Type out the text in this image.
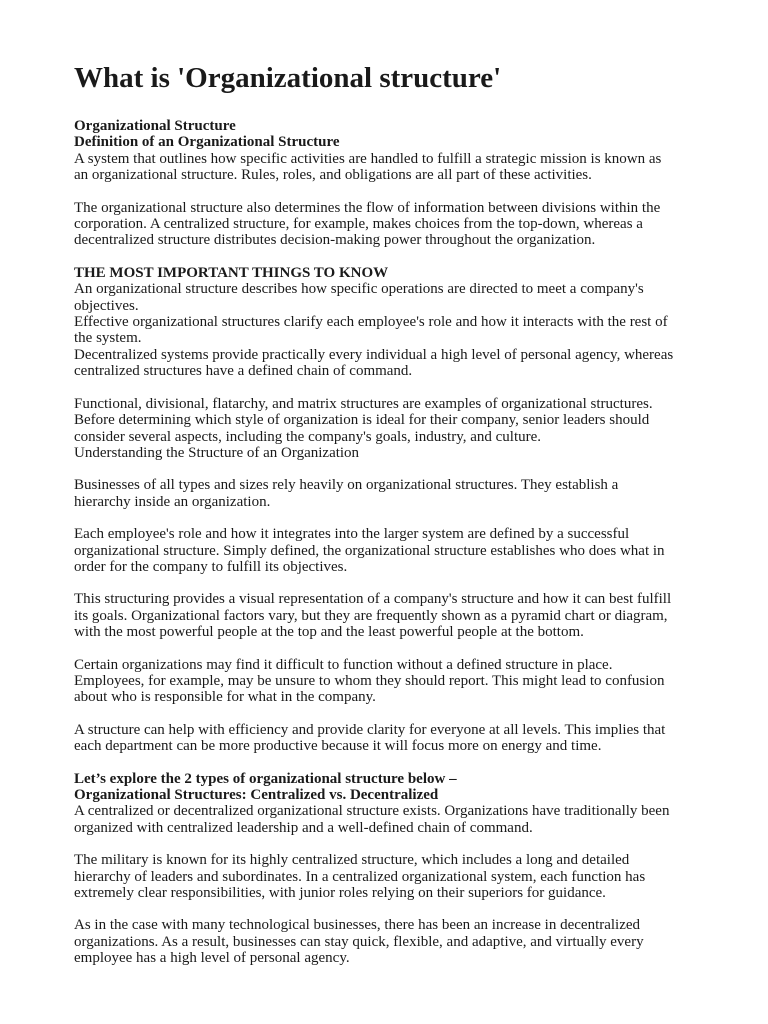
What is 'Organizational structure'
Organizational Structure
Definition of an Organizational Structure
A system that outlines how specific activities are handled to fulfill a strategic mission is known as
an organizational structure. Rules, roles, and obligations are all part of these activities.
The organizational structure also determines the flow of information between divisions within the
corporation. A centralized structure, for example, makes choices from the top-down, whereas a
decentralized structure distributes decision-making power throughout the organization.
THE MOST IMPORTANT THINGS TO KNOW
An organizational structure describes how specific operations are directed to meet a company's
objectives.
Effective organizational structures clarify each employee's role and how it interacts with the rest of
the system.
Decentralized systems provide practically every individual a high level of personal agency, whereas
centralized structures have a defined chain of command.
Functional, divisional, flatarchy, and matrix structures are examples of organizational structures.
Before determining which style of organization is ideal for their company, senior leaders should
consider several aspects, including the company's goals, industry, and culture.
Understanding the Structure of an Organization
Businesses of all types and sizes rely heavily on organizational structures. They establish a
hierarchy inside an organization.
Each employee's role and how it integrates into the larger system are defined by a successful
organizational structure. Simply defined, the organizational structure establishes who does what in
order for the company to fulfill its objectives.
This structuring provides a visual representation of a company's structure and how it can best fulfill
its goals. Organizational factors vary, but they are frequently shown as a pyramid chart or diagram,
with the most powerful people at the top and the least powerful people at the bottom.
Certain organizations may find it difficult to function without a defined structure in place.
Employees, for example, may be unsure to whom they should report. This might lead to confusion
about who is responsible for what in the company.
A structure can help with efficiency and provide clarity for everyone at all levels. This implies that
each department can be more productive because it will focus more on energy and time.
Let’s explore the 2 types of organizational structure below –
Organizational Structures: Centralized vs. Decentralized
A centralized or decentralized organizational structure exists. Organizations have traditionally been
organized with centralized leadership and a well-defined chain of command.
The military is known for its highly centralized structure, which includes a long and detailed
hierarchy of leaders and subordinates. In a centralized organizational system, each function has
extremely clear responsibilities, with junior roles relying on their superiors for guidance.
As in the case with many technological businesses, there has been an increase in decentralized
organizations. As a result, businesses can stay quick, flexible, and adaptive, and virtually every
employee has a high level of personal agency.
